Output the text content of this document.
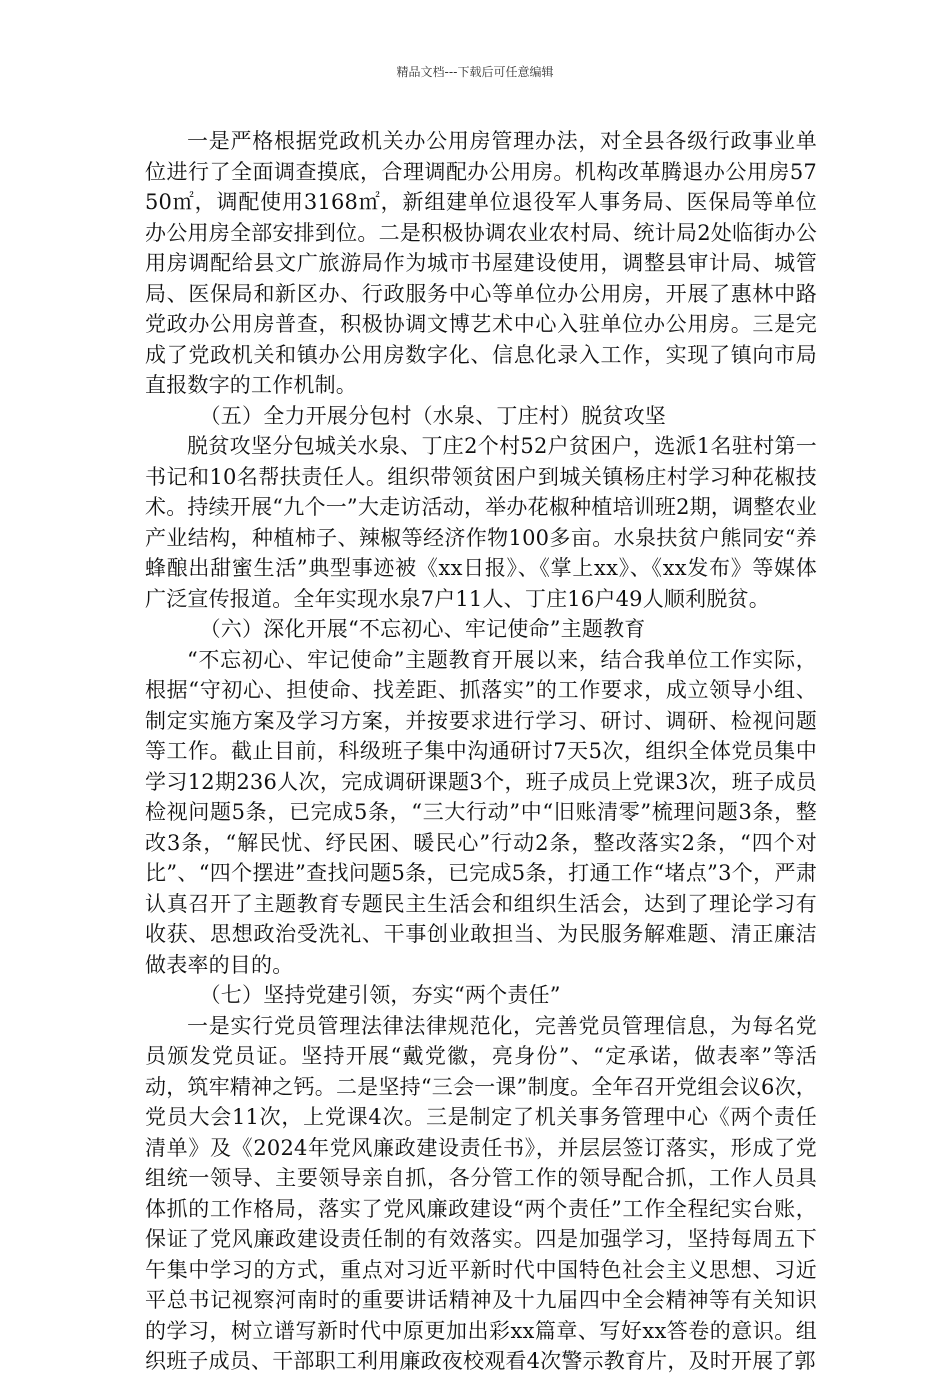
精品文档---下载后可任意编辑

一是严格根据党政机关办公用房管理办法，对全县各级行政事业单位进行了全面调查摸底，合理调配办公用房。机构改革腾退办公用房5750㎡，调配使用3168㎡，新组建单位退役军人事务局、医保局等单位办公用房全部安排到位。二是积极协调农业农村局、统计局2处临街办公用房调配给县文广旅游局作为城市书屋建设使用，调整县审计局、城管局、医保局和新区办、行政服务中心等单位办公用房，开展了惠林中路党政办公用房普查，积极协调文博艺术中心入驻单位办公用房。三是完成了党政机关和镇办公用房数字化、信息化录入工作，实现了镇向市局直报数字的工作机制。

（五）全力开展分包村（水泉、丁庄村）脱贫攻坚

脱贫攻坚分包城关水泉、丁庄2个村52户贫困户，选派1名驻村第一书记和10名帮扶责任人。组织带领贫困户到城关镇杨庄村学习种花椒技术。持续开展“九个一”大走访活动，举办花椒种植培训班2期，调整农业产业结构，种植柿子、辣椒等经济作物100多亩。水泉扶贫户熊同安“养蜂酿出甜蜜生活”典型事迹被《xx日报》、《掌上xx》、《xx发布》等媒体广泛宣传报道。全年实现水泉7户11人、丁庄16户49人顺利脱贫。

（六）深化开展“不忘初心、牢记使命”主题教育

“不忘初心、牢记使命”主题教育开展以来，结合我单位工作实际，根据“守初心、担使命、找差距、抓落实”的工作要求，成立领导小组、制定实施方案及学习方案，并按要求进行学习、研讨、调研、检视问题等工作。截止目前，科级班子集中沟通研讨7天5次，组织全体党员集中学习12期236人次，完成调研课题3个，班子成员上党课3次，班子成员检视问题5条，已完成5条，“三大行动”中“旧账清零”梳理问题3条，整改3条，“解民忧、纾民困、暖民心”行动2条，整改落实2条，“四个对比”、“四个摆进”查找问题5条，已完成5条，打通工作“堵点”3个，严肃认真召开了主题教育专题民主生活会和组织生活会，达到了理论学习有收获、思想政治受洗礼、干事创业敢担当、为民服务解难题、清正廉洁做表率的目的。

（七）坚持党建引领，夯实“两个责任”

一是实行党员管理法律法律规范化，完善党员管理信息，为每名党员颁发党员证。坚持开展“戴党徽，亮身份”、“定承诺，做表率”等活动，筑牢精神之钙。二是坚持“三会一课”制度。全年召开党组会议6次，党员大会11次，上党课4次。三是制定了机关事务管理中心《两个责任清单》及《2024年党风廉政建设责任书》，并层层签订落实，形成了党组统一领导、主要领导亲自抓，各分管工作的领导配合抓，工作人员具体抓的工作格局，落实了党风廉政建设“两个责任”工作全程纪实台账，保证了党风廉政建设责任制的有效落实。四是加强学习，坚持每周五下午集中学习的方式，重点对习近平新时代中国特色社会主义思想、习近平总书记视察河南时的重要讲话精神及十九届四中全会精神等有关知识的学习，树立谱写新时代中原更加出彩xx篇章、写好xx答卷的意识。组织班子成员、干部职工利用廉政夜校观看4次警示教育片，及时开展了郭
